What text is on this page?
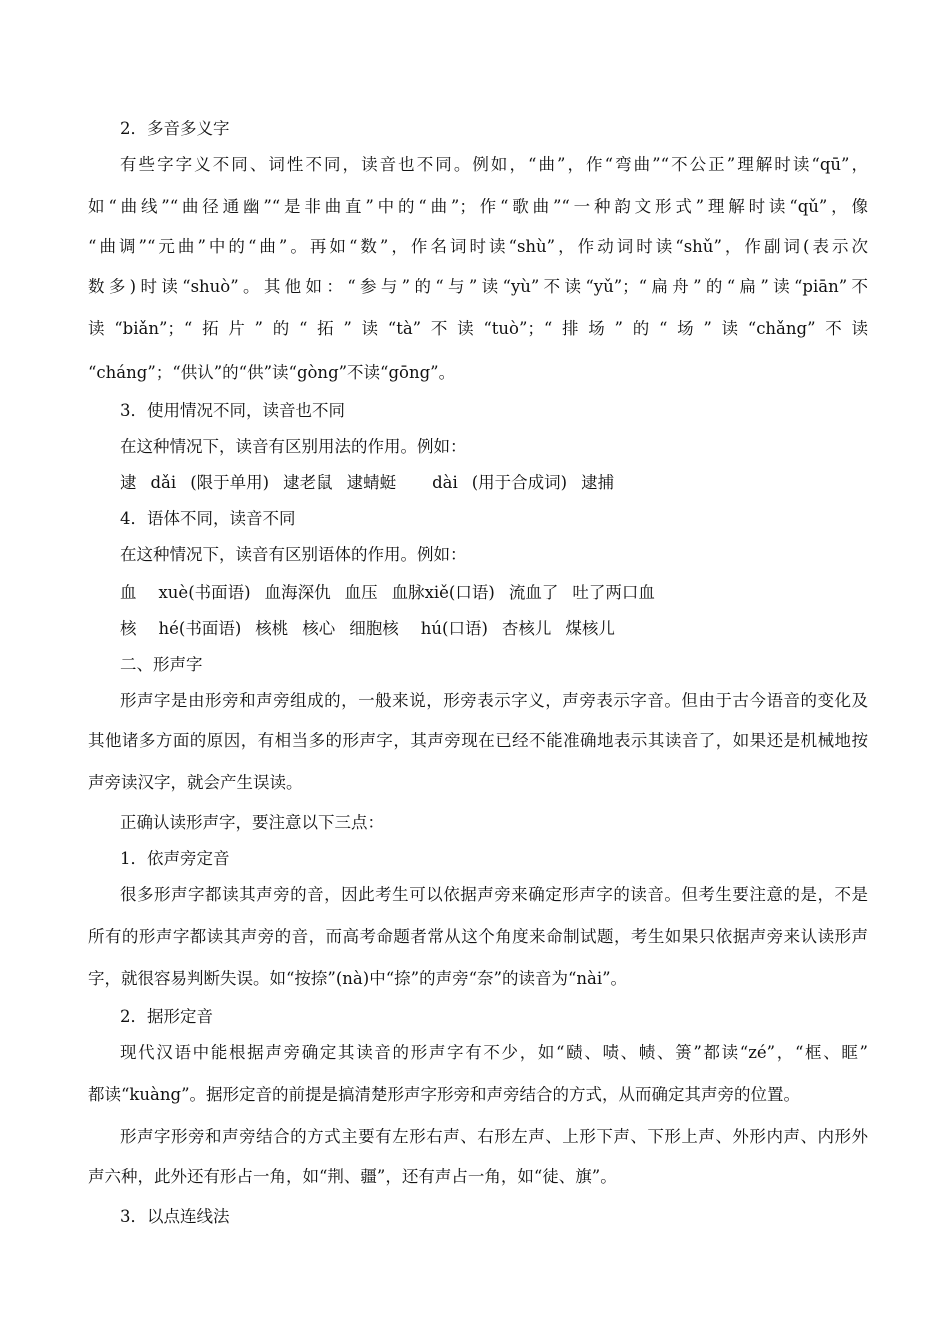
2．多音多义字
有些字字义不同、词性不同，读音也不同。例如，“曲”，作“弯曲”“不公正”理解时读“qū”，
如“曲线”“曲径通幽”“是非曲直”中的“曲”；作“歌曲”“一种韵文形式”理解时读“qǔ”，像
“曲调”“元曲”中的“曲”。再如“数”，作名词时读“shù”，作动词时读“shǔ”，作副词(表示次
数多)时读“shuò”。其他如：“参与”的“与”读“yù”不读“yǔ”；“扁舟”的“扁”读“piān”不
读“biǎn”；“拓片”的“拓”读“tà”不读“tuò”；“排场”的“场”读“chǎng”不读
“cháng”；“供认”的“供”读“gòng”不读“gōng”。
3．使用情况不同，读音也不同
在这种情况下，读音有区别用法的作用。例如：
逮 dǎi (限于单用) 逮老鼠 逮蜻蜓 dài (用于合成词) 逮捕
4．语体不同，读音不同
在这种情况下，读音有区别语体的作用。例如：
血 xuè(书面语) 血海深仇 血压 血脉xiě(口语) 流血了 吐了两口血
核 hé(书面语) 核桃 核心 细胞核 hú(口语) 杏核儿 煤核儿
二、形声字
形声字是由形旁和声旁组成的，一般来说，形旁表示字义，声旁表示字音。但由于古今语音的变化及
其他诸多方面的原因，有相当多的形声字，其声旁现在已经不能准确地表示其读音了，如果还是机械地按
声旁读汉字，就会产生误读。
正确认读形声字，要注意以下三点：
1．依声旁定音
很多形声字都读其声旁的音，因此考生可以依据声旁来确定形声字的读音。但考生要注意的是，不是
所有的形声字都读其声旁的音，而高考命题者常从这个角度来命制试题，考生如果只依据声旁来认读形声
字，就很容易判断失误。如“按捺”(nà)中“捺”的声旁“奈”的读音为“nài”。
2．据形定音
现代汉语中能根据声旁确定其读音的形声字有不少，如“赜、啧、帻、箦”都读“zé”，“框、眶”
都读“kuàng”。据形定音的前提是搞清楚形声字形旁和声旁结合的方式，从而确定其声旁的位置。
形声字形旁和声旁结合的方式主要有左形右声、右形左声、上形下声、下形上声、外形内声、内形外
声六种，此外还有形占一角，如“荆、疆”，还有声占一角，如“徒、旗”。
3．以点连线法
